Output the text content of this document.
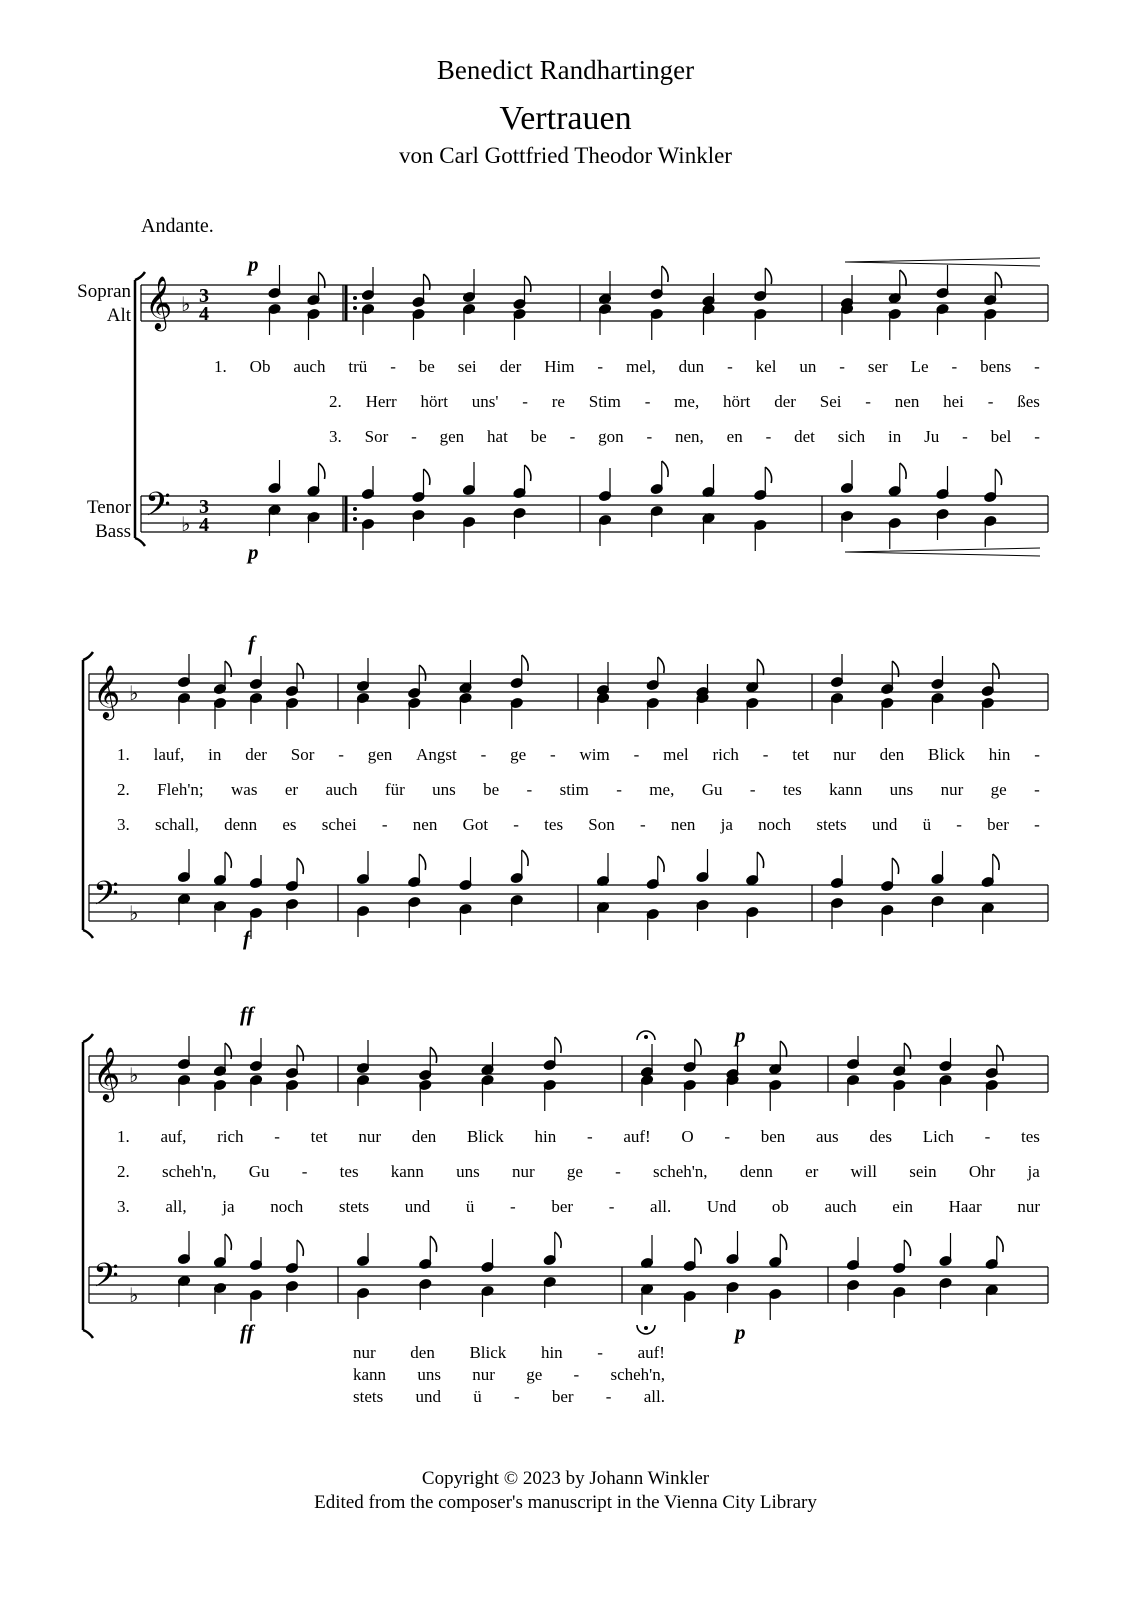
Benedict Randhartinger
Vertrauen
von Carl Gottfried Theodor Winkler
Andante.
Sopran
Alt
Tenor
Bass
p
p
f
f
ff
p
ff	p
𝄞
𝄢
♭
♭
3
4
3
4
𝄞
𝄢
♭
♭
𝄞
𝄢
♭
♭
1. Ob auch trü - be sei der Him - mel, dun - kel un - ser Le - bens -
2. Herr hört uns' - re Stim - me, hört der Sei - nen hei - ßes
3. Sor - gen hat be - gon - nen, en - det sich in Ju - bel -
1. lauf, in der Sor - gen Angst - ge - wim - mel rich - tet nur den Blick hin -
2. Fleh'n; was er auch für uns be - stim - me, Gu - tes kann uns nur ge -
3. schall, denn es schei - nen Got - tes Son - nen ja noch stets und ü - ber -
1. auf, rich - tet nur den Blick hin - auf! O - ben aus des Lich - tes
2. scheh'n, Gu - tes kann uns nur ge - scheh'n, denn er will sein Ohr ja
3. all, ja noch stets und ü - ber - all. Und ob auch ein Haar nur
nur den Blick hin - auf!
kann uns nur ge - scheh'n,
stets und ü - ber - all.
Copyright © 2023 by Johann Winkler
Edited from the composer's manuscript in the Vienna City Library
